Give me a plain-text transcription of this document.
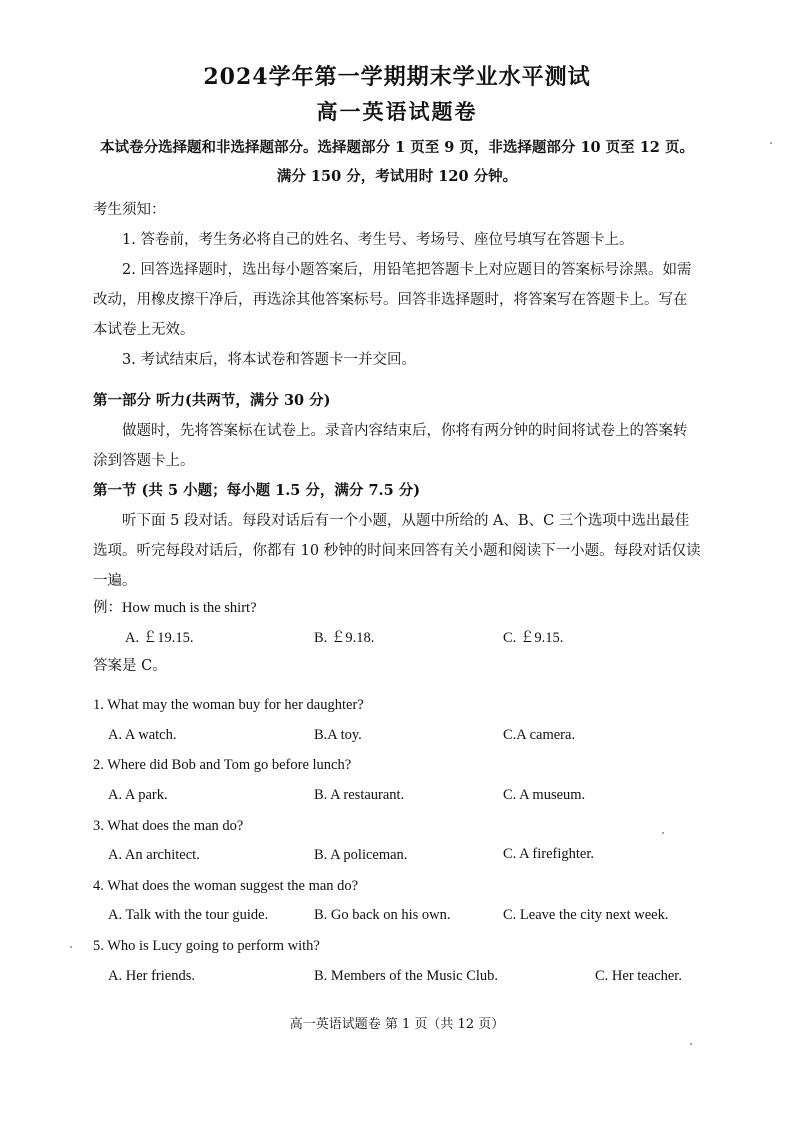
2024学年第一学期期末学业水平测试
高一英语试题卷
本试卷分选择题和非选择题部分。选择题部分 1 页至 9 页，非选择题部分 10 页至 12 页。
满分 150 分，考试用时 120 分钟。
考生须知：
1. 答卷前，考生务必将自己的姓名、考生号、考场号、座位号填写在答题卡上。
2. 回答选择题时，选出每小题答案后，用铅笔把答题卡上对应题目的答案标号涂黑。如需
改动，用橡皮擦干净后，再选涂其他答案标号。回答非选择题时，将答案写在答题卡上。写在
本试卷上无效。
3. 考试结束后，将本试卷和答题卡一并交回。
第一部分 听力(共两节，满分 30 分)
做题时，先将答案标在试卷上。录音内容结束后，你将有两分钟的时间将试卷上的答案转
涂到答题卡上。
第一节 (共 5 小题；每小题 1.5 分，满分 7.5 分)
听下面 5 段对话。每段对话后有一个小题，从题中所给的 A、B、C 三个选项中选出最佳
选项。听完每段对话后，你都有 10 秒钟的时间来回答有关小题和阅读下一小题。每段对话仅读
一遍。
例：How much is the shirt?
A. ￡19.15.	B. ￡9.18.	C. ￡9.15.
答案是 C。
1. What may the woman buy for her daughter?
A. A watch.	B.A toy.	C.A camera.
2. Where did Bob and Tom go before lunch?
A. A park.	B. A restaurant.	C. A museum.
3. What does the man do?
A. An architect.	B. A policeman.	C. A firefighter.
4. What does the woman suggest the man do?
A. Talk with the tour guide.	B. Go back on his own.	C. Leave the city next week.
5. Who is Lucy going to perform with?
A. Her friends.	B. Members of the Music Club.	C. Her teacher.
高一英语试题卷 第 1 页（共 12 页）
